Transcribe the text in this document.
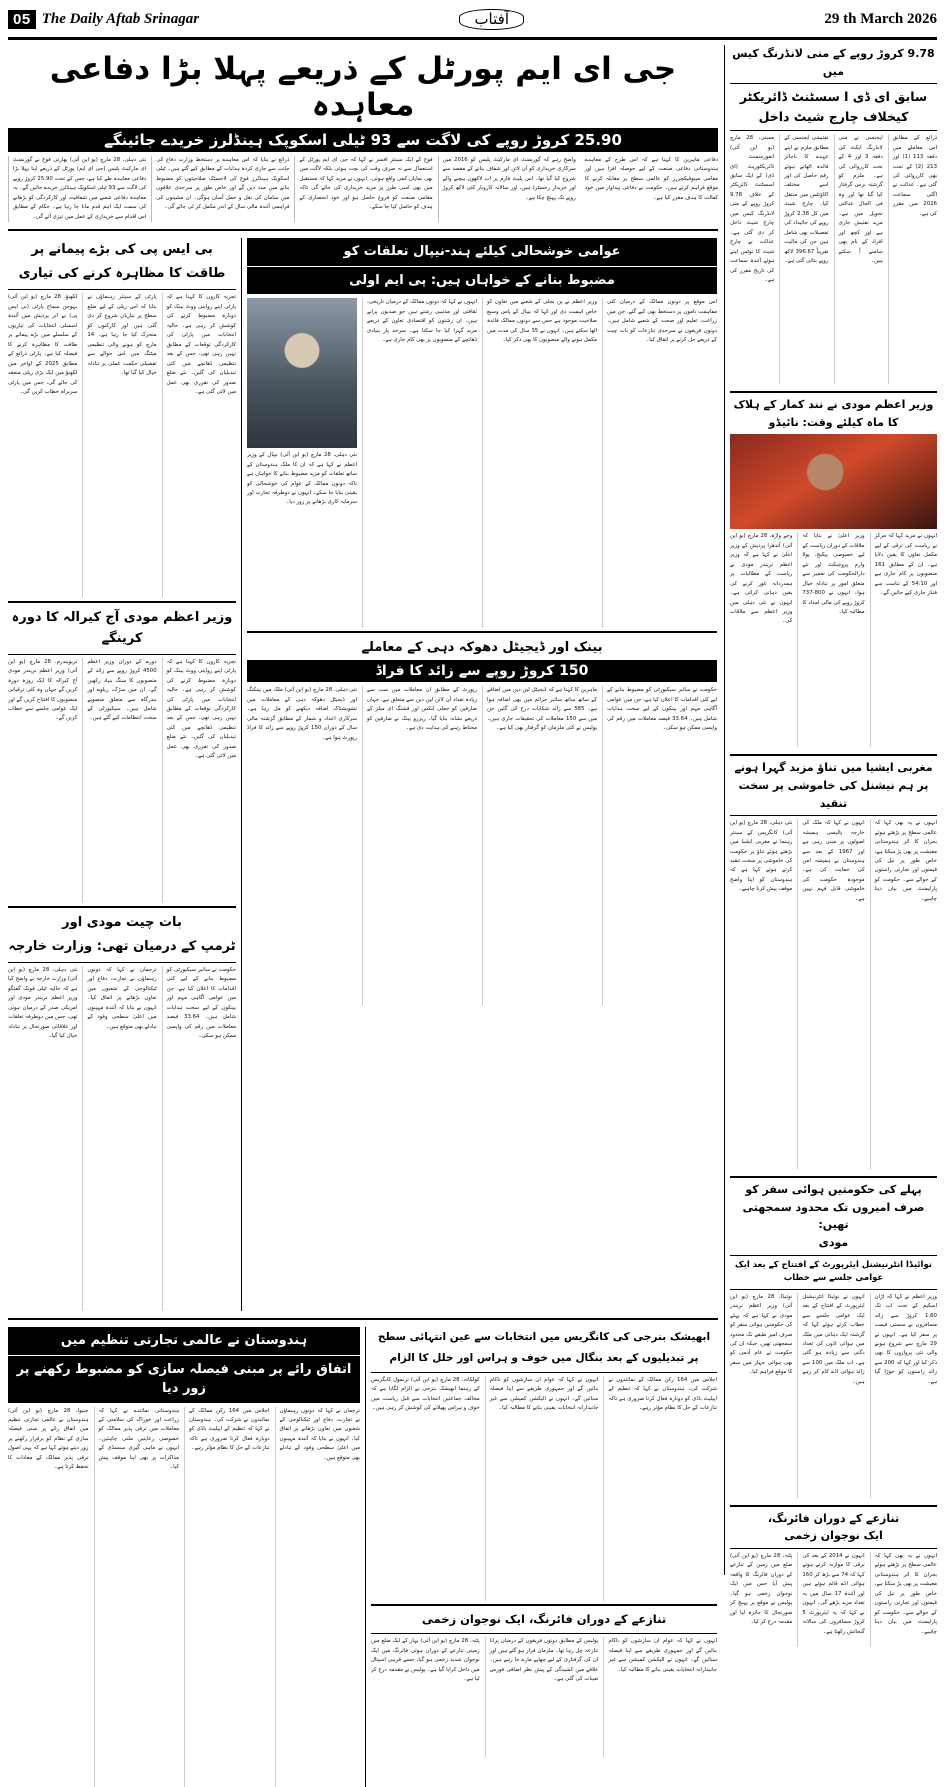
05 The Daily Aftab Srinagar	آفتاب	29 th March 2026
جی ای ایم پورٹل کے ذریعے پہلا بڑا دفاعی معاہدہ
25.90 کروڑ روپے کی لاگت سے 93 ٹیلی اسکوپک ہینڈلرز خریدے جائینگے
نئی دہلی، 28 مارچ (یو این آئی) بھارتی فوج نے گورنمنٹ ای مارکیٹ پلیس (جی ای ایم) پورٹل کے ذریعے اپنا پہلا بڑا دفاعی معاہدہ طے کیا ہے، جس کے تحت 25.90 کروڑ روپے کی لاگت سے 93 ٹیلی اسکوپک ہینڈلرز خریدے جائیں گے۔ یہ معاہدہ دفاعی شعبے میں شفافیت اور کارکردگی کو بڑھانے کی سمت ایک اہم قدم مانا جا رہا ہے۔ حکام کے مطابق اس اقدام سے خریداری کے عمل میں تیزی آئے گی۔
ذرائع نے بتایا کہ اس معاہدے پر دستخط وزارت دفاع کی جانب سے جاری کردہ ہدایات کے مطابق کیے گئے ہیں۔ ٹیلی اسکوپک ہینڈلرز فوج کی لاجسٹک صلاحیتوں کو مضبوط بنانے میں مدد دیں گے اور خاص طور پر سرحدی علاقوں میں سامان کی نقل و حمل آسان ہوگی۔ ان مشینوں کی فراہمی آئندہ مالی سال کے اندر مکمل کر لی جائے گی۔
فوج کے ایک سینئر افسر نے کہا کہ جی ای ایم پورٹل کے استعمال سے نہ صرف وقت کی بچت ہوئی بلکہ لاگت میں بھی نمایاں کمی واقع ہوئی۔ انہوں نے مزید کہا کہ مستقبل میں بھی اسی طرز پر مزید خریداری کی جائے گی تاکہ مقامی صنعت کو فروغ حاصل ہو اور خود انحصاری کے ہدف کو حاصل کیا جا سکے۔
واضح رہے کہ گورنمنٹ ای مارکیٹ پلیس کو 2016 میں سرکاری خریداری کو آن لائن اور شفاف بنانے کے مقصد سے شروع کیا گیا تھا۔ اس پلیٹ فارم پر اب لاکھوں بیچنے والے اور خریدار رجسٹرڈ ہیں، اور سالانہ کاروبار کئی لاکھ کروڑ روپے تک پہنچ چکا ہے۔
دفاعی ماہرین کا کہنا ہے کہ اس طرح کے معاہدے ہندوستانی دفاعی صنعت کے لیے حوصلہ افزا ہیں اور مقامی مینوفیکچررز کو عالمی سطح پر مقابلہ کرنے کا موقع فراہم کرتے ہیں۔ حکومت نے دفاعی پیداوار میں خود کفالت کا ہدف مقرر کیا ہے۔
بی ایس پی کی بڑے پیمانے پر
طاقت کا مظاہرہ کرنے کی تیاری
لکھنؤ، 28 مارچ (یو این آئی) بہوجن سماج پارٹی (بی ایس پی) نے اتر پردیش میں آئندہ اسمبلی انتخابات کی تیاریوں کے سلسلے میں بڑے پیمانے پر طاقت کا مظاہرہ کرنے کا فیصلہ کیا ہے۔ پارٹی ذرائع کے مطابق 2025 کے اواخر میں لکھنؤ میں ایک بڑی ریلی منعقد کی جائے گی، جس میں پارٹی سربراہ خطاب کریں گی۔
پارٹی کے سینئر رہنماؤں نے بتایا کہ اس ریلی کے لیے ضلع سطح پر تیاریاں شروع کر دی گئی ہیں اور کارکنوں کو متحرک کیا جا رہا ہے۔ 14 مارچ کو ہونے والی تنظیمی میٹنگ میں اس حوالے سے تفصیلی حکمت عملی پر تبادلہ خیال کیا گیا تھا۔
تجزیہ کاروں کا کہنا ہے کہ پارٹی اپنے روایتی ووٹ بینک کو دوبارہ مضبوط کرنے کی کوشش کر رہی ہے۔ حالیہ انتخابات میں پارٹی کی کارکردگی توقعات کے مطابق نہیں رہی تھی، جس کے بعد تنظیمی ڈھانچے میں کئی تبدیلیاں کی گئیں۔ نئے ضلع صدور کی تقرری بھی عمل میں لائی گئی ہے۔
وزیر اعظم مودی آج کیرالہ کا دورہ کرینگے
تریویندرم، 28 مارچ (یو این آئی) وزیر اعظم نریندر مودی آج کیرالہ کا ایک روزہ دورہ کریں گے جہاں وہ کئی ترقیاتی منصوبوں کا افتتاح کریں گے اور ایک عوامی جلسے سے خطاب کریں گے۔
دورے کے دوران وزیر اعظم 4500 کروڑ روپے سے زائد کے منصوبوں کا سنگ بنیاد رکھیں گے۔ ان میں سڑک، ریلوے اور بندرگاہ سے متعلق منصوبے شامل ہیں۔ سیکیورٹی کے سخت انتظامات کیے گئے ہیں۔
تجزیہ کاروں کا کہنا ہے کہ پارٹی اپنے روایتی ووٹ بینک کو دوبارہ مضبوط کرنے کی کوشش کر رہی ہے۔ حالیہ انتخابات میں پارٹی کی کارکردگی توقعات کے مطابق نہیں رہی تھی، جس کے بعد تنظیمی ڈھانچے میں کئی تبدیلیاں کی گئیں۔ نئے ضلع صدور کی تقرری بھی عمل میں لائی گئی ہے۔
بات چیت مودی اور
ٹرمپ کے درمیان تھی: وزارت خارجہ
نئی دہلی، 28 مارچ (یو این آئی) وزارت خارجہ نے واضح کیا ہے کہ حالیہ ٹیلی فونک گفتگو وزیر اعظم نریندر مودی اور امریکی صدر کے درمیان ہوئی تھی، جس میں دوطرفہ تعلقات اور علاقائی صورتحال پر تبادلہ خیال کیا گیا۔
ترجمان نے کہا کہ دونوں رہنماؤں نے تجارت، دفاع اور ٹیکنالوجی کے شعبوں میں تعاون بڑھانے پر اتفاق کیا۔ انہوں نے بتایا کہ آئندہ مہینوں میں اعلیٰ سطحی وفود کے تبادلے بھی متوقع ہیں۔
حکومت نے سائبر سیکیورٹی کو مضبوط بنانے کے لیے کئی اقدامات کا اعلان کیا ہے، جن میں عوامی آگاہی مہم اور بینکوں کے لیے سخت ہدایات شامل ہیں۔ 33.64 فیصد معاملات میں رقم کی واپسی ممکن ہو سکی۔
عوامی خوشحالی کیلئے ہند-نیپال تعلقات کو
مضبوط بنانے کے خواہاں ہیں: پی ایم اولی
نئی دہلی، 28 مارچ (یو این آئی) نیپال کے وزیر اعظم نے کہا ہے کہ ان کا ملک ہندوستان کے ساتھ تعلقات کو مزید مضبوط بنانے کا خواہاں ہے تاکہ دونوں ممالک کے عوام کی خوشحالی کو یقینی بنایا جا سکے۔ انہوں نے دوطرفہ تجارت اور سرمایہ کاری بڑھانے پر زور دیا۔
انہوں نے کہا کہ دونوں ممالک کے درمیان تاریخی، ثقافتی اور مذہبی رشتے ہیں جو صدیوں پرانے ہیں۔ ان رشتوں کو اقتصادی تعاون کے ذریعے مزید گہرا کیا جا سکتا ہے۔ سرحد پار بنیادی ڈھانچے کے منصوبوں پر بھی کام جاری ہے۔
وزیر اعظم نے پن بجلی کے شعبے میں تعاون کو خاص اہمیت دی اور کہا کہ نیپال کے پاس وسیع صلاحیت موجود ہے جس سے دونوں ممالک فائدہ اٹھا سکتے ہیں۔ انہوں نے 35 سال کی مدت میں مکمل ہونے والے منصوبوں کا بھی ذکر کیا۔
اس موقع پر دونوں ممالک کے درمیان کئی مفاہمت ناموں پر دستخط بھی کیے گئے، جن میں زراعت، تعلیم اور صحت کے شعبے شامل ہیں۔ دونوں فریقوں نے سرحدی تنازعات کو بات چیت کے ذریعے حل کرنے پر اتفاق کیا۔
بینک اور ڈیجیٹل دھوکہ دہی کے معاملے
150 کروڑ روپے سے زائد کا فراڈ
نئی دہلی، 28 مارچ (یو این آئی) ملک میں بینکنگ اور ڈیجیٹل دھوکہ دہی کے معاملات میں تشویشناک اضافہ دیکھنے کو مل رہا ہے۔ سرکاری اعداد و شمار کے مطابق گزشتہ مالی سال کے دوران 150 کروڑ روپے سے زائد کا فراڈ رپورٹ ہوا ہے۔
رپورٹ کے مطابق ان معاملات میں سب سے زیادہ تعداد آن لائن لین دین سے متعلق ہے، جہاں صارفین کو جعلی لنکس اور فشنگ ای میلز کے ذریعے نشانہ بنایا گیا۔ ریزرو بینک نے صارفین کو محتاط رہنے کی ہدایت دی ہے۔
ماہرین کا کہنا ہے کہ ڈیجیٹل لین دین میں اضافے کے ساتھ ساتھ سائبر جرائم میں بھی اضافہ ہوا ہے۔ 585 سے زائد شکایات درج کی گئیں جن میں سے 150 معاملات کی تحقیقات جاری ہیں۔ پولیس نے کئی ملزمان کو گرفتار بھی کیا ہے۔
حکومت نے سائبر سیکیورٹی کو مضبوط بنانے کے لیے کئی اقدامات کا اعلان کیا ہے، جن میں عوامی آگاہی مہم اور بینکوں کے لیے سخت ہدایات شامل ہیں۔ 33.64 فیصد معاملات میں رقم کی واپسی ممکن ہو سکی۔
ہندوستان نے عالمی تجارتی تنظیم میں
اتفاق رائے پر مبنی فیصلہ سازی کو مضبوط رکھنے پر زور دیا
جنیوا، 28 مارچ (یو این آئی) ہندوستان نے عالمی تجارتی تنظیم میں اتفاق رائے پر مبنی فیصلہ سازی کے نظام کو برقرار رکھنے پر زور دیتے ہوئے کہا ہے کہ یہی اصول ترقی پذیر ممالک کے مفادات کا تحفظ کرتا ہے۔
ہندوستانی نمائندے نے کہا کہ زراعت اور خوراک کی سلامتی کے معاملات میں ترقی پذیر ممالک کو خصوصی رعایتیں ملنی چاہئیں۔ انہوں نے ماہی گیری سبسڈی کے مذاکرات پر بھی اپنا موقف پیش کیا۔
اجلاس میں 164 رکن ممالک کے نمائندوں نے شرکت کی۔ ہندوستان نے کہا کہ تنظیم کے اپیلیٹ باڈی کو دوبارہ فعال کرنا ضروری ہے تاکہ تنازعات کے حل کا نظام مؤثر رہے۔
ترجمان نے کہا کہ دونوں رہنماؤں نے تجارت، دفاع اور ٹیکنالوجی کے شعبوں میں تعاون بڑھانے پر اتفاق کیا۔ انہوں نے بتایا کہ آئندہ مہینوں میں اعلیٰ سطحی وفود کے تبادلے بھی متوقع ہیں۔
ابھیشک بنرجی کی کانگریس میں انتخابات سے عین انتہائی سطح
پر تبدیلیوں کے بعد بنگال میں خوف و ہراس اور خلل کا الزام
کولکاتہ، 28 مارچ (یو این آئی) ترنمول کانگریس کے رہنما ابھیشک بنرجی نے الزام لگایا ہے کہ مخالف جماعتیں انتخابات سے قبل ریاست میں خوف و ہراس پھیلانے کی کوشش کر رہی ہیں۔
انہوں نے کہا کہ عوام ان سازشوں کو ناکام بنائیں گے اور جمہوری طریقے سے اپنا فیصلہ سنائیں گے۔ انہوں نے الیکشن کمیشن سے غیر جانبدارانہ انتخابات یقینی بنانے کا مطالبہ کیا۔
اجلاس میں 164 رکن ممالک کے نمائندوں نے شرکت کی۔ ہندوستان نے کہا کہ تنظیم کے اپیلیٹ باڈی کو دوبارہ فعال کرنا ضروری ہے تاکہ تنازعات کے حل کا نظام مؤثر رہے۔
تنازعے کے دوران فائرنگ، ایک نوجوان زخمی
پٹنہ، 28 مارچ (یو این آئی) بہار کے ایک ضلع میں زمینی تنازعے کے دوران ہوئی فائرنگ میں ایک نوجوان شدید زخمی ہو گیا، جسے قریبی اسپتال میں داخل کرایا گیا ہے۔ پولیس نے مقدمہ درج کر لیا ہے۔
پولیس کے مطابق دونوں فریقوں کے درمیان پرانا تنازعہ چل رہا تھا۔ ملزمان فرار ہو گئے ہیں اور ان کی گرفتاری کے لیے چھاپے مارے جا رہے ہیں۔ علاقے میں کشیدگی کے پیش نظر اضافی فورس تعینات کی گئی ہے۔
انہوں نے کہا کہ عوام ان سازشوں کو ناکام بنائیں گے اور جمہوری طریقے سے اپنا فیصلہ سنائیں گے۔ انہوں نے الیکشن کمیشن سے غیر جانبدارانہ انتخابات یقینی بنانے کا مطالبہ کیا۔
9.78 کروڑ روپے کے منی لانڈرنگ کیس میں
سابق ای ڈی ا سسٹنٹ ڈائریکٹر کیخلاف چارج شیٹ داخل
ممبئی، 28 مارچ (یو این آئی) انفورسمنٹ ڈائریکٹوریٹ (ای ڈی) کے ایک سابق اسسٹنٹ ڈائریکٹر کے خلاف 9.78 کروڑ روپے کے منی لانڈرنگ کیس میں چارج شیٹ داخل کر دی گئی ہے۔ عدالت نے چارج شیٹ کا نوٹس لیتے ہوئے آئندہ سماعت کی تاریخ مقرر کی ہے۔
تفتیشی ایجنسی کے مطابق ملزم نے اپنے عہدے کا ناجائز فائدہ اٹھاتے ہوئے رقم حاصل کی اور اسے مختلف اکاؤنٹس میں منتقل کیا۔ چارج شیٹ میں کل 2.38 کروڑ روپے کی جائیداد کی تفصیلات بھی شامل ہیں جن کی مالیت تقریباً 396.67 لاکھ روپے بتائی گئی ہے۔
ایجنسی نے منی لانڈرنگ ایکٹ کی دفعہ 3 اور 4 کے تحت کارروائی کی ہے۔ ملزم کو گزشتہ برس گرفتار کیا گیا تھا اور وہ فی الحال عدالتی تحویل میں ہے۔ مزید تفتیش جاری ہے اور کچھ اور افراد کے نام بھی سامنے آ سکتے ہیں۔
ذرائع کے مطابق اس معاملے میں دفعہ 113 (1) اور 213 (2) کے تحت بھی کارروائی کی گئی ہے۔ عدالت نے اگلی سماعت 2026 میں مقرر کی ہے۔
وزیر اعظم مودی نے نند کمار کے ہلاک کا ماہ کیلئے وقت: نائیڈو
وجے واڑہ، 28 مارچ (یو این آئی) آندھرا پردیش کے وزیر اعلیٰ نے کہا ہے کہ وزیر اعظم نریندر مودی نے ریاست کے مطالبات پر ہمدردانہ غور کرنے کی یقین دہانی کرائی ہے۔ انہوں نے نئی دہلی میں وزیر اعظم سے ملاقات کی۔
وزیر اعلیٰ نے بتایا کہ ملاقات کے دوران ریاست کے لیے خصوصی پیکیج، پولا وارم پروجیکٹ اور نئے دارالحکومت کی تعمیر سے متعلق امور پر تبادلہ خیال ہوا۔ انہوں نے 800-737 کروڑ روپے کی مالی امداد کا مطالبہ کیا۔
انہوں نے مزید کہا کہ مرکز نے ریاست کی ترقی کے لیے مکمل تعاون کا یقین دلایا ہے۔ ان کے مطابق 161 منصوبوں پر کام جاری ہے اور 54:10 کے تناسب سے فنڈز جاری کیے جائیں گے۔
مغربی ایشیا میں تناؤ مزید گہرا ہونے پر ہم نیشنل کی خاموشی پر سخت تنقید
نئی دہلی، 28 مارچ (یو این آئی) کانگریس کے سینئر رہنما نے مغربی ایشیا میں بڑھتے ہوئے تناؤ پر حکومت کی خاموشی پر سخت تنقید کرتے ہوئے کہا ہے کہ ہندوستان کو اپنا واضح موقف پیش کرنا چاہیے۔
انہوں نے کہا کہ ملک کی خارجہ پالیسی ہمیشہ اصولوں پر مبنی رہی ہے اور 1967 کے بعد سے ہندوستان نے ہمیشہ امن کی حمایت کی ہے۔ موجودہ حکومت کی خاموشی قابل فہم نہیں ہے۔
انہوں نے یہ بھی کہا کہ عالمی سطح پر بڑھتے ہوئے بحران کا اثر ہندوستانی معیشت پر بھی پڑ سکتا ہے، خاص طور پر تیل کی قیمتوں اور تجارتی راستوں کے حوالے سے۔ حکومت کو پارلیمنٹ میں بیان دینا چاہیے۔
پہلے کی حکومتیں ہوائی سفر کو صرف امیروں تک محدود سمجھتی تھیں:
مودی
نوائیڈا انٹرنیشنل ایئرپورٹ کے افتتاح کے بعد ایک عوامی جلسے سے خطاب
نوئیڈا، 28 مارچ (یو این آئی) وزیر اعظم نریندر مودی نے کہا ہے کہ پہلے کی حکومتیں ہوائی سفر کو صرف امیر طبقے تک محدود سمجھتی تھیں، جبکہ ان کی حکومت نے عام آدمی کو بھی ہوائی جہاز میں سفر کا موقع فراہم کیا۔
انہوں نے نوئیڈا انٹرنیشنل ایئرپورٹ کے افتتاح کے بعد ایک عوامی جلسے سے خطاب کرتے ہوئے کہا کہ گزشتہ ایک دہائی میں ملک میں ہوائی اڈوں کی تعداد دگنی سے زیادہ ہو گئی ہے۔ اب ملک میں 100 سے زائد ہوائی اڈے کام کر رہے ہیں۔
وزیر اعظم نے کہا کہ اڑان اسکیم کے تحت اب تک 1.60 کروڑ سے زائد مسافروں نے سستی قیمت پر سفر کیا ہے۔ انہوں نے 29 مارچ سے شروع ہونے والی نئی پروازوں کا بھی ذکر کیا اور کہا کہ 200 سے زائد راستوں کو جوڑا گیا ہے۔
تنازعے کے دوران فائرنگ،
ایک نوجوان زخمی
پٹنہ، 28 مارچ (یو این آئی) ضلع میں زمین کے تنازعے کے دوران فائرنگ کا واقعہ پیش آیا جس میں ایک نوجوان زخمی ہو گیا۔ پولیس نے موقع پر پہنچ کر صورتحال کا جائزہ لیا اور مقدمہ درج کر لیا۔
انہوں نے 2014 کے بعد کی ترقی کا موازنہ کرتے ہوئے کہا کہ 74 سے بڑھ کر 160 ہوائی اڈے قائم ہوئے ہیں اور آئندہ 17 سال میں یہ تعداد مزید بڑھے گی۔ انہوں نے کہا کہ یہ ایئرپورٹ 5 کروڑ مسافروں کی سالانہ گنجائش رکھتا ہے۔
انہوں نے یہ بھی کہا کہ عالمی سطح پر بڑھتے ہوئے بحران کا اثر ہندوستانی معیشت پر بھی پڑ سکتا ہے، خاص طور پر تیل کی قیمتوں اور تجارتی راستوں کے حوالے سے۔ حکومت کو پارلیمنٹ میں بیان دینا چاہیے۔
